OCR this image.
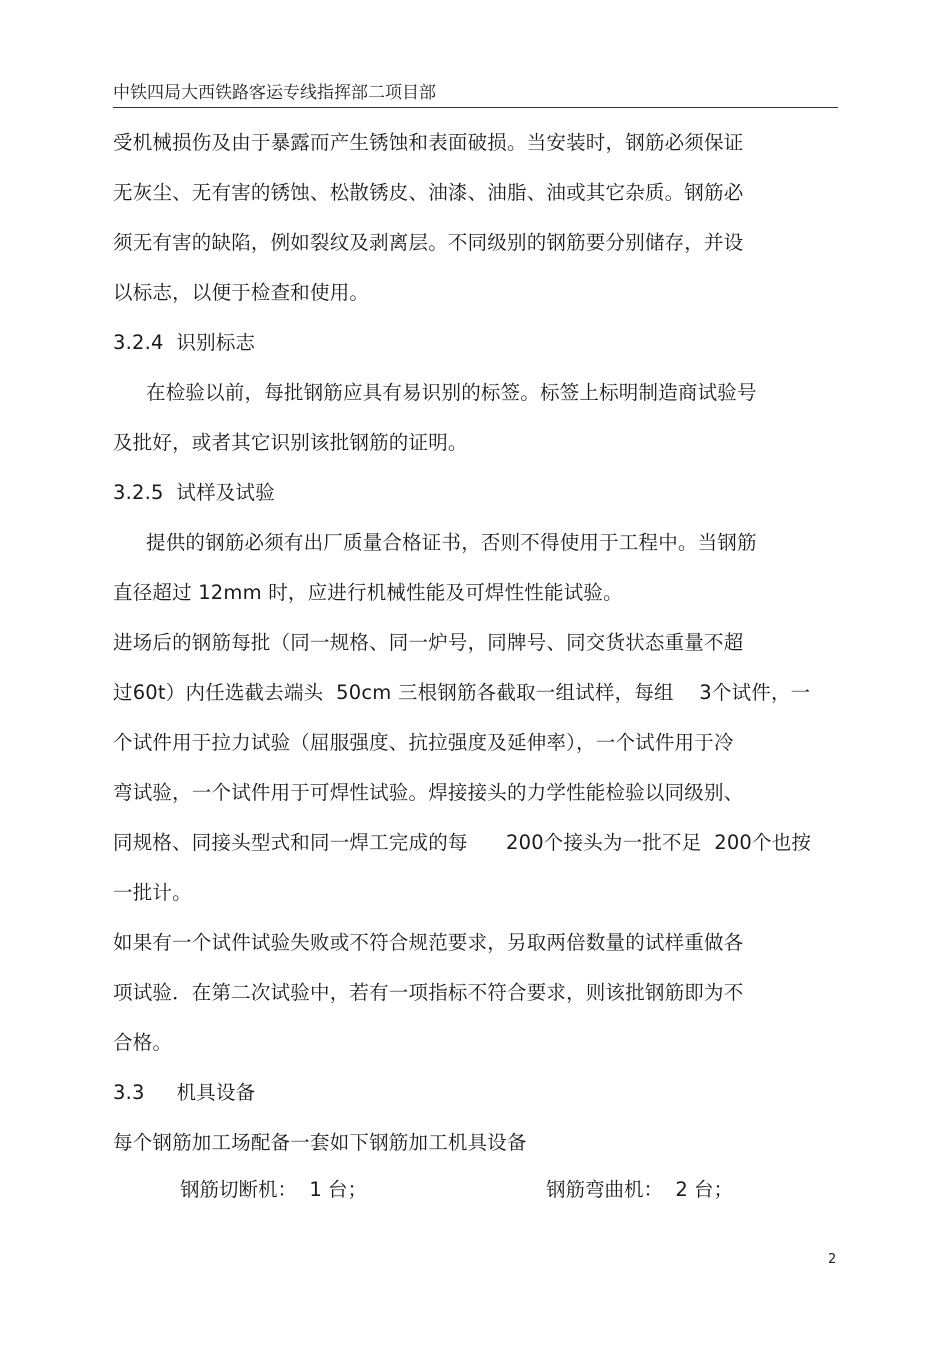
中铁四局大西铁路客运专线指挥部二项目部
受机械损伤及由于暴露而产生锈蚀和表面破损。当安装时，钢筋必须保证
无灰尘、无有害的锈蚀、松散锈皮、油漆、油脂、油或其它杂质。钢筋必
须无有害的缺陷，例如裂纹及剥离层。不同级别的钢筋要分别储存，并设
以标志，以便于检查和使用。
3.2.4  识别标志
在检验以前，每批钢筋应具有易识别的标签。标签上标明制造商试验号
及批好，或者其它识别该批钢筋的证明。
3.2.5  试样及试验
提供的钢筋必须有出厂质量合格证书，否则不得使用于工程中。当钢筋
直径超过 12mm 时，应进行机械性能及可焊性性能试验。
进场后的钢筋每批（同一规格、同一炉号，同牌号、同交货状态重量不超
过60t）内任选截去端头  50cm 三根钢筋各截取一组试样，每组    3个试件，一
个试件用于拉力试验（屈服强度、抗拉强度及延伸率），一个试件用于冷
弯试验，一个试件用于可焊性试验。焊接接头的力学性能检验以同级别、
同规格、同接头型式和同一焊工完成的每      200个接头为一批不足  200个也按
一批计。
如果有一个试件试验失败或不符合规范要求，另取两倍数量的试样重做各
项试验．在第二次试验中，若有一项指标不符合要求，则该批钢筋即为不
合格。
3.3     机具设备
每个钢筋加工场配备一套如下钢筋加工机具设备
钢筋切断机：  1 台；	钢筋弯曲机：  2 台；
2
